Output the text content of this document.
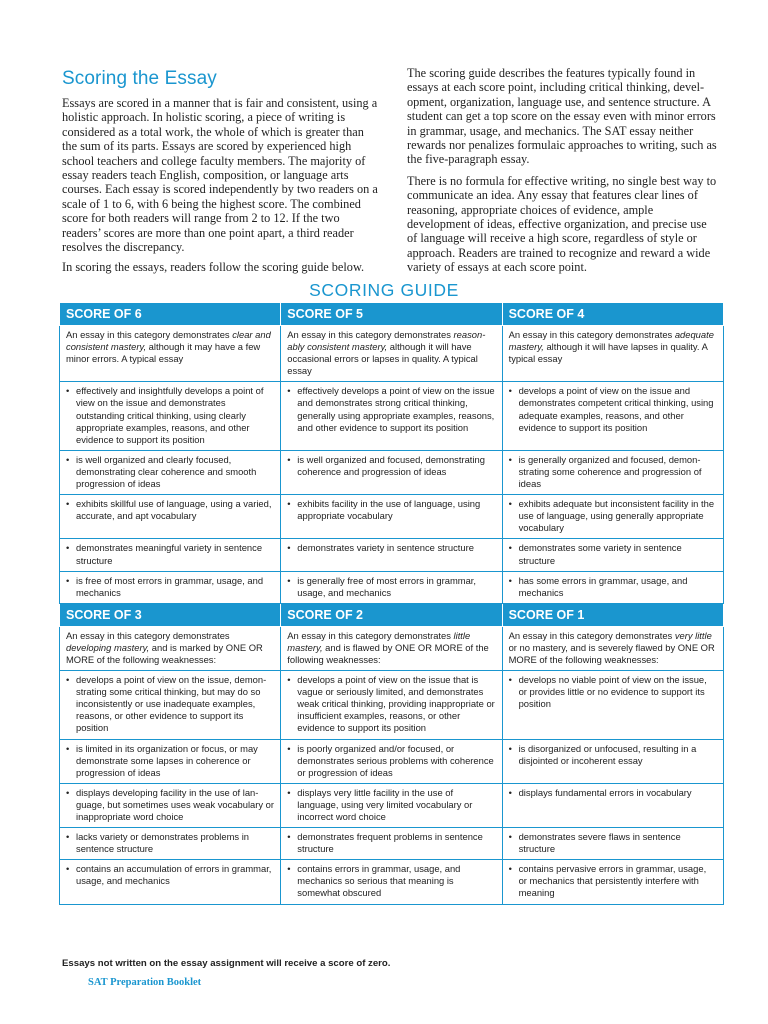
Scoring the Essay

Essays are scored in a manner that is fair and consistent, using a holistic approach. In holistic scoring, a piece of writing is considered as a total work, the whole of which is greater than the sum of its parts. Essays are scored by experienced high school teachers and college faculty members. The majority of essay readers teach English, composition, or language arts courses. Each essay is scored independently by two readers on a scale of 1 to 6, with 6 being the highest score. The combined score for both readers will range from 2 to 12. If the two readers’ scores are more than one point apart, a third reader resolves the discrepancy.

In scoring the essays, readers follow the scoring guide below.

The scoring guide describes the features typically found in essays at each score point, including critical thinking, development, organization, language use, and sentence structure. A student can get a top score on the essay even with minor errors in grammar, usage, and mechanics. The SAT essay neither rewards nor penalizes formulaic approaches to writing, such as the five-paragraph essay.

There is no formula for effective writing, no single best way to communicate an idea. Any essay that features clear lines of reasoning, appropriate choices of evidence, ample development of ideas, effective organization, and precise use of language will receive a high score, regardless of style or approach. Readers are trained to recognize and reward a wide variety of essays at each score point.

SCORING GUIDE
SCORE OF 6	SCORE OF 5	SCORE OF 4
An essay in this category demonstrates clear and consistent mastery, although it may have a few minor errors. A typical essay	An essay in this category demonstrates reasonably consistent mastery, although it will have occasional errors or lapses in quality. A typical essay	An essay in this category demonstrates adequate mastery, although it will have lapses in quality. A typical essay

• effectively and insightfully develops a point of view on the issue and demonstrates outstanding critical thinking, using clearly appropriate examples, reasons, and other evidence to support its position	• effectively develops a point of view on the issue and demonstrates strong critical thinking, generally using appropriate examples, reasons, and other evidence to support its position	• develops a point of view on the issue and demonstrates competent critical thinking, using adequate examples, reasons, and other evidence to support its position

• is well organized and clearly focused, demonstrating clear coherence and smooth progression of ideas	• is well organized and focused, demonstrating coherence and progression of ideas	• is generally organized and focused, demonstrating some coherence and progression of ideas

• exhibits skillful use of language, using a varied, accurate, and apt vocabulary	• exhibits facility in the use of language, using appropriate vocabulary	• exhibits adequate but inconsistent facility in the use of language, using generally appropriate vocabulary

• demonstrates meaningful variety in sentence structure	• demonstrates variety in sentence structure	• demonstrates some variety in sentence structure

• is free of most errors in grammar, usage, and mechanics	• is generally free of most errors in grammar, usage, and mechanics	• has some errors in grammar, usage, and mechanics

SCORE OF 3	SCORE OF 2	SCORE OF 1
An essay in this category demonstrates developing mastery, and is marked by ONE OR MORE of the following weaknesses:	An essay in this category demonstrates little mastery, and is flawed by ONE OR MORE of the following weaknesses:	An essay in this category demonstrates very little or no mastery, and is severely flawed by ONE OR MORE of the following weaknesses:

• develops a point of view on the issue, demonstrating some critical thinking, but may do so inconsistently or use inadequate examples, reasons, or other evidence to support its position	• develops a point of view on the issue that is vague or seriously limited, and demonstrates weak critical thinking, providing inappropriate or insufficient examples, reasons, or other evidence to support its position	• develops no viable point of view on the issue, or provides little or no evidence to support its position

• is limited in its organization or focus, or may demonstrate some lapses in coherence or progression of ideas	• is poorly organized and/or focused, or demonstrates serious problems with coherence or progression of ideas	• is disorganized or unfocused, resulting in a disjointed or incoherent essay

• displays developing facility in the use of language, but sometimes uses weak vocabulary or inappropriate word choice	• displays very little facility in the use of language, using very limited vocabulary or incorrect word choice	• displays fundamental errors in vocabulary

• lacks variety or demonstrates problems in sentence structure	• demonstrates frequent problems in sentence structure	• demonstrates severe flaws in sentence structure

• contains an accumulation of errors in grammar, usage, and mechanics	• contains errors in grammar, usage, and mechanics so serious that meaning is somewhat obscured	• contains pervasive errors in grammar, usage, or mechanics that persistently interfere with meaning
Essays not written on the essay assignment will receive a score of zero.
SAT Preparation Booklet
